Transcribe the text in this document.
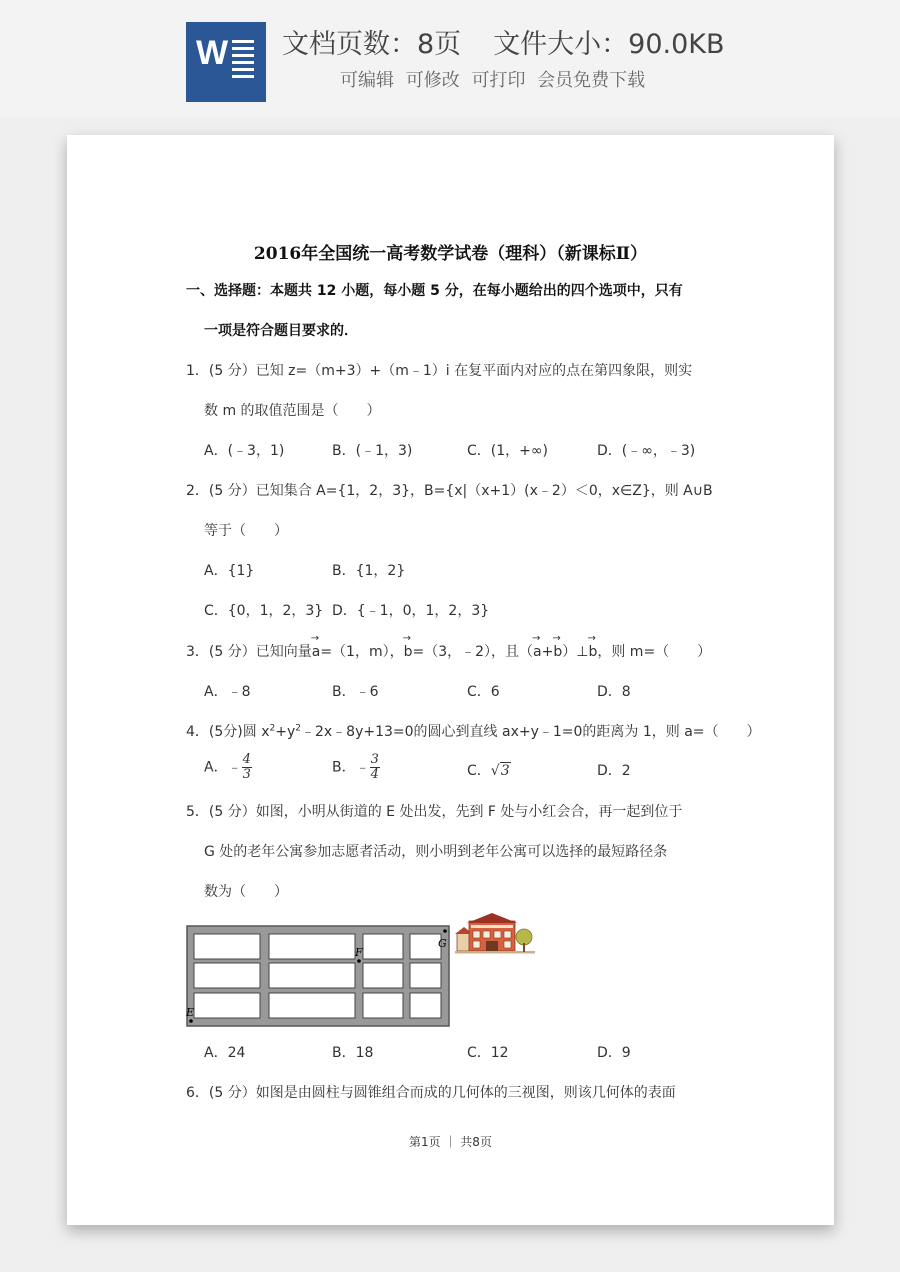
W 文档页数：8页 文件大小：90.0KB
可编辑 可修改 可打印 会员免费下载
2016年全国统一高考数学试卷（理科）（新课标Ⅱ）
一、选择题：本题共 12 小题，每小题 5 分，在每小题给出的四个选项中，只有
一项是符合题目要求的．
1．(5 分）已知 z=（m+3）+（m﹣1）i 在复平面内对应的点在第四象限，则实
数 m 的取值范围是（　　）
A．(﹣3，1)	B．(﹣1，3)	C．(1，+∞)	D．(﹣∞，﹣3)
2．(5 分）已知集合 A={1，2，3}，B={x|（x+1）(x﹣2）＜0，x∈Z}，则 A∪B
等于（　　）
A．{1}	B．{1，2}
C．{0，1，2，3} D．{﹣1，0，1，2，3}
3．(5 分）已知向量→ a=（1，m），→ b=（3，﹣2），且（→ a+→ b）⊥→ b，则 m=（　　）
A．﹣8	B．﹣6	C．6	D．8
4．(5分)圆 $x^2+y^2﹣2x﹣8y+13=0$的圆心到直线 ax+y﹣1=0的距离为 1，则 a=（　　）
A．﹣ $\frac{4}{3}$	B．﹣ $\frac{3}{4}$	C．√3	D．2
5．(5 分）如图，小明从街道的 E 处出发，先到 F 处与小红会合，再一起到位于
G 处的老年公寓参加志愿者活动，则小明到老年公寓可以选择的最短路径条
数为（　　）
E
F
G
A．24	B．18	C．12	D．9
6．(5 分）如图是由圆柱与圆锥组合而成的几何体的三视图，则该几何体的表面
第1页 ｜ 共8页
